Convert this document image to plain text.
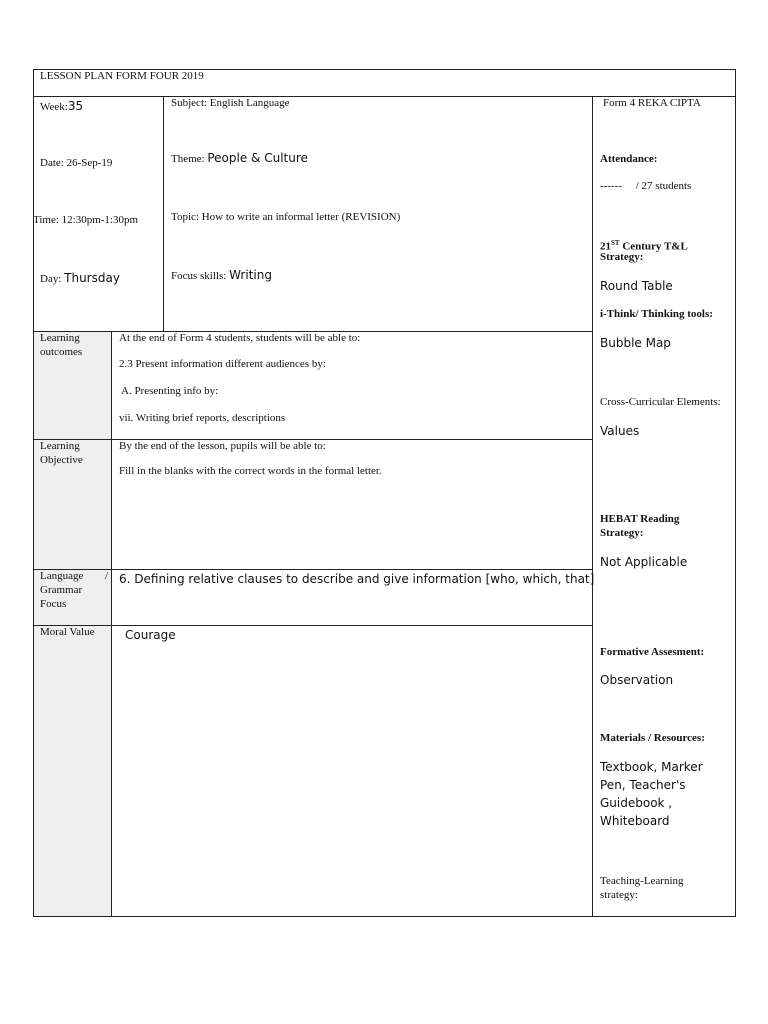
LESSON PLAN FORM FOUR 2019
Week:35
Date: 26-Sep-19
Time: 12:30pm-1:30pm
Day: Thursday
Subject: English Language
Theme: People & Culture
Topic: How to write an informal letter (REVISION)
Focus skills: Writing
Learning
outcomes
At the end of Form 4 students, students will be able to:
2.3 Present information different audiences by:
A. Presenting info by:
vii. Writing brief reports, descriptions
Learning
Objective
By the end of the lesson, pupils will be able to:
Fill in the blanks with the correct words in the formal letter.
Language /
Grammar
Focus
6. Defining relative clauses to describe and give information [who, which, that]
Moral Value	Courage
Form 4 REKA CIPTA
Attendance:
------     / 27 students
21ST Century T&L
Strategy:
Round Table
i-Think/ Thinking tools:
Bubble Map
Cross-Curricular Elements:
Values
HEBAT Reading
Strategy:
Not Applicable
Formative Assesment:
Observation
Materials / Resources:
Textbook, Marker
Pen, Teacher's
Guidebook ,
Whiteboard
Teaching-Learning
strategy:
